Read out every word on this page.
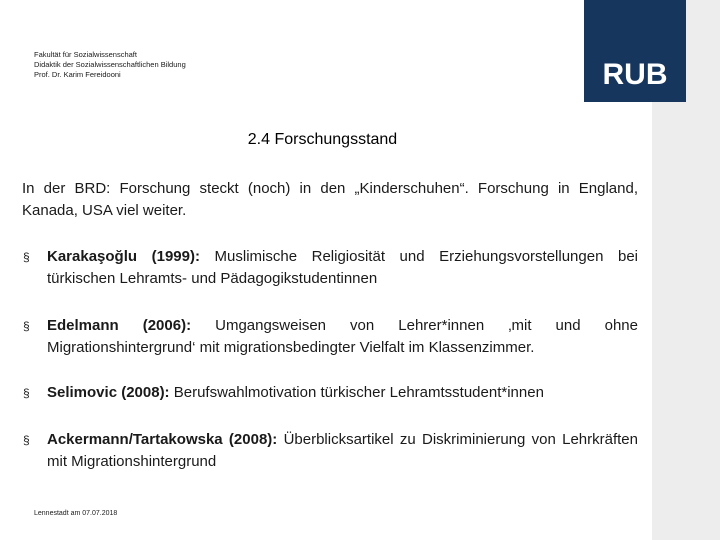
RUB
Fakultät für Sozialwissenschaft
Didaktik der Sozialwissenschaftlichen Bildung
Prof. Dr. Karim Fereidooni
2.4 Forschungsstand
In der BRD: Forschung steckt (noch) in den „Kinderschuhen“. Forschung in England, Kanada, USA viel weiter.
§ Karakaşoğlu (1999): Muslimische Religiosität und Erziehungsvorstellungen bei türkischen Lehramts- und Pädagogikstudentinnen
§ Edelmann (2006): Umgangsweisen von Lehrer*innen ‚mit und ohne Migrationshintergrund‘ mit migrationsbedingter Vielfalt im Klassenzimmer.
§ Selimovic (2008): Berufswahlmotivation türkischer Lehramtsstudent*innen
§ Ackermann/Tartakowska (2008): Überblicksartikel zu Diskriminierung von Lehrkräften mit Migrationshintergrund
Lennestadt am 07.07.2018
